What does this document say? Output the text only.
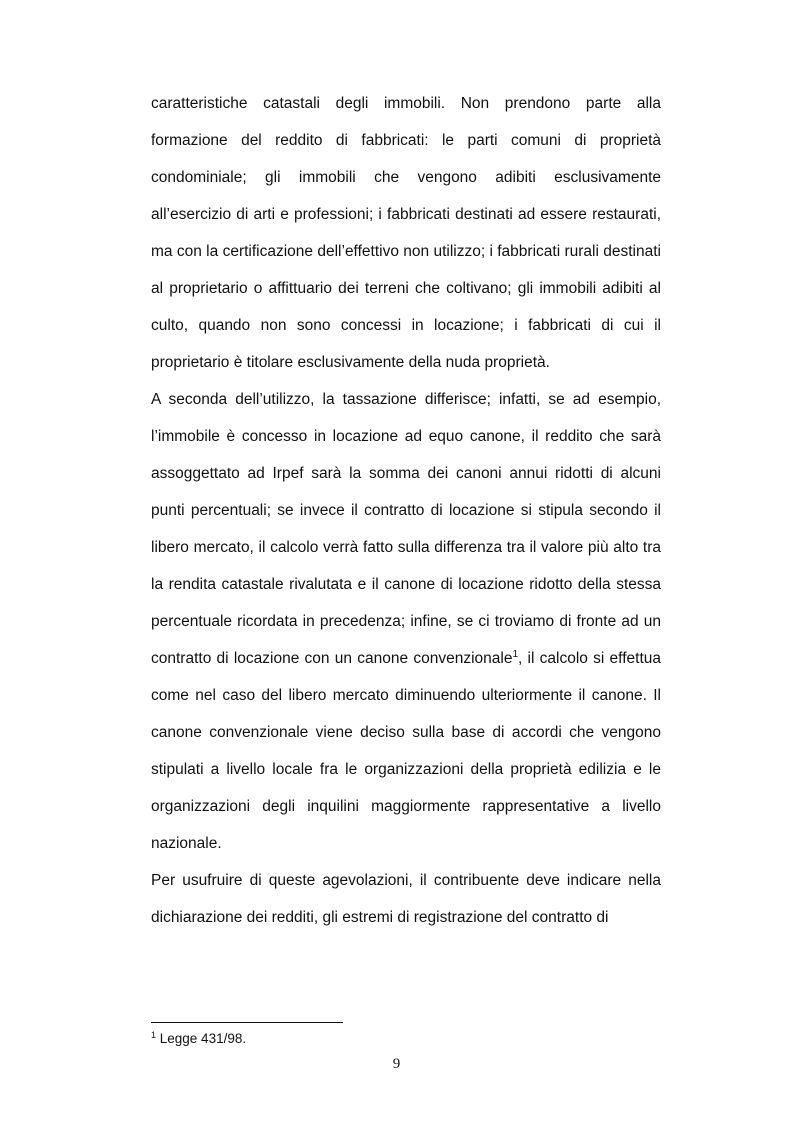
caratteristiche catastali degli immobili. Non prendono parte alla formazione del reddito di fabbricati: le parti comuni di proprietà condominiale; gli immobili che vengono adibiti esclusivamente all’esercizio di arti e professioni; i fabbricati destinati ad essere restaurati, ma con la certificazione dell’effettivo non utilizzo; i fabbricati rurali destinati al proprietario o affittuario dei terreni che coltivano; gli immobili adibiti al culto, quando non sono concessi in locazione; i fabbricati di cui il proprietario è titolare esclusivamente della nuda proprietà.

A seconda dell’utilizzo, la tassazione differisce; infatti, se ad esempio, l’immobile è concesso in locazione ad equo canone, il reddito che sarà assoggettato ad Irpef sarà la somma dei canoni annui ridotti di alcuni punti percentuali; se invece il contratto di locazione si stipula secondo il libero mercato, il calcolo verrà fatto sulla differenza tra il valore più alto tra la rendita catastale rivalutata e il canone di locazione ridotto della stessa percentuale ricordata in precedenza; infine, se ci troviamo di fronte ad un contratto di locazione con un canone convenzionale$^1$, il calcolo si effettua come nel caso del libero mercato diminuendo ulteriormente il canone. Il canone convenzionale viene deciso sulla base di accordi che vengono stipulati a livello locale fra le organizzazioni della proprietà edilizia e le organizzazioni degli inquilini maggiormente rappresentative a livello nazionale.

Per usufruire di queste agevolazioni, il contribuente deve indicare nella dichiarazione dei redditi, gli estremi di registrazione del contratto di

$^1$ Legge 431/98.

9
